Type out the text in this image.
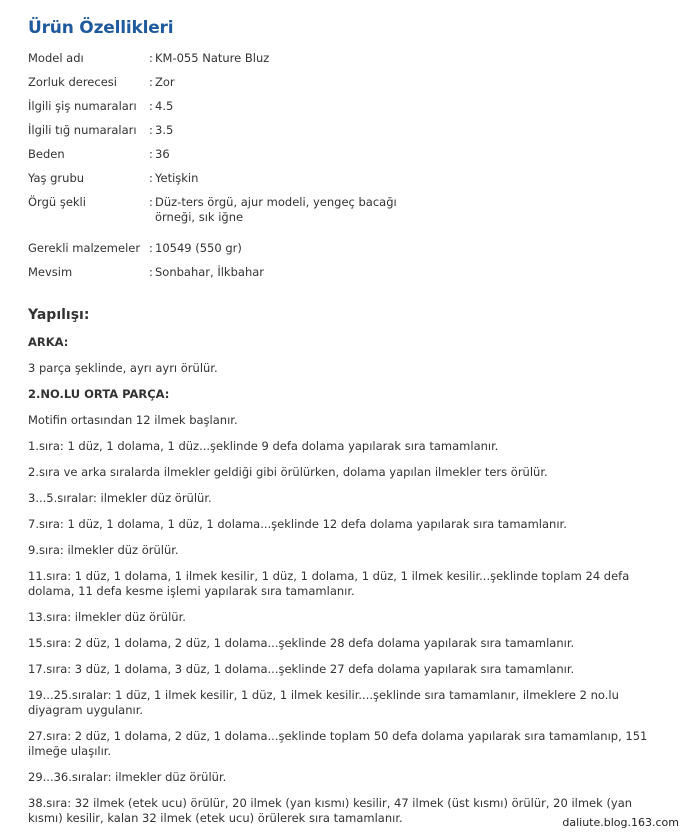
Ürün Özellikleri
Model adı	: KM-055 Nature Bluz
Zorluk derecesi	: Zor
İlgili şiş numaraları	: 4.5
İlgili tığ numaraları	: 3.5
Beden	: 36
Yaş grubu	: Yetişkin
Örgü şekli	: Düz-ters örgü, ajur modeli, yengeç bacağı örneği, sık iğne
Gerekli malzemeler : 10549 (550 gr)
Mevsim	: Sonbahar, İlkbahar
Yapılışı:

ARKA:

3 parça şeklinde, ayrı ayrı örülür.

2.NO.LU ORTA PARÇA:

Motifin ortasından 12 ilmek başlanır.

1.sıra: 1 düz, 1 dolama, 1 düz...şeklinde 9 defa dolama yapılarak sıra tamamlanır.

2.sıra ve arka sıralarda ilmekler geldiği gibi örülürken, dolama yapılan ilmekler ters örülür.

3...5.sıralar: ilmekler düz örülür.

7.sıra: 1 düz, 1 dolama, 1 düz, 1 dolama...şeklinde 12 defa dolama yapılarak sıra tamamlanır.

9.sıra: ilmekler düz örülür.

11.sıra: 1 düz, 1 dolama, 1 ilmek kesilir, 1 düz, 1 dolama, 1 düz, 1 ilmek kesilir...şeklinde toplam 24 defa dolama, 11 defa kesme işlemi yapılarak sıra tamamlanır.

13.sıra: ilmekler düz örülür.

15.sıra: 2 düz, 1 dolama, 2 düz, 1 dolama...şeklinde 28 defa dolama yapılarak sıra tamamlanır.

17.sıra: 3 düz, 1 dolama, 3 düz, 1 dolama...şeklinde 27 defa dolama yapılarak sıra tamamlanır.

19...25.sıralar: 1 düz, 1 ilmek kesilir, 1 düz, 1 ilmek kesilir....şeklinde sıra tamamlanır, ilmeklere 2 no.lu diyagram uygulanır.

27.sıra: 2 düz, 1 dolama, 2 düz, 1 dolama...şeklinde toplam 50 defa dolama yapılarak sıra tamamlanıp, 151 ilmeğe ulaşılır.

29...36.sıralar: ilmekler düz örülür.

38.sıra: 32 ilmek (etek ucu) örülür, 20 ilmek (yan kısmı) kesilir, 47 ilmek (üst kısmı) örülür, 20 ilmek (yan kısmı) kesilir, kalan 32 ilmek (etek ucu) örülerek sıra tamamlanır.	daliute.blog.163.com
